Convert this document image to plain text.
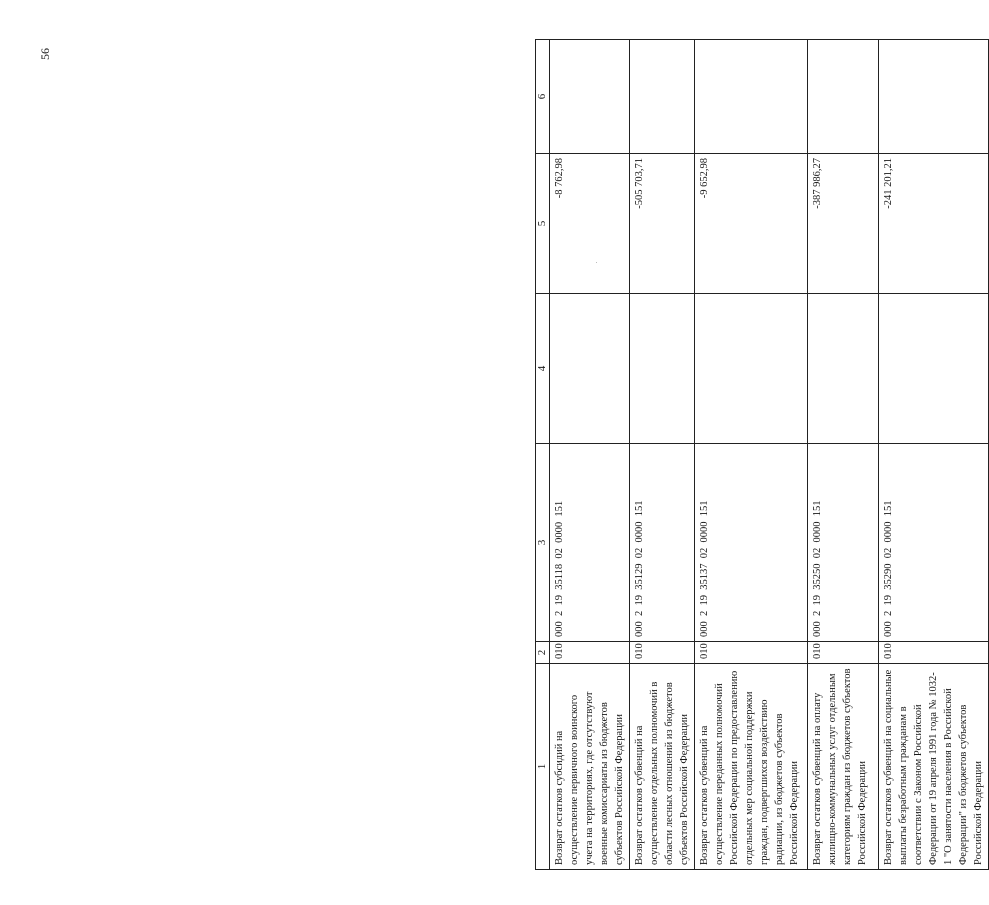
56
1	2	3	4	5	6
Возврат остатков субсидий на осуществление первичного воинского учета на территориях, где отсутствуют военные комиссариаты из бюджетов субъектов Российской Федерации	010	000  2  19  35118  02  0000  151		-8 762,98	
Возврат остатков субвенций на осуществление отдельных полномочий в области лесных отношений из бюджетов субъектов Российской Федерации	010	000  2  19  35129  02  0000  151		-505 703,71	
Возврат остатков субвенций на осуществление переданных полномочий Российской Федерации по предоставлению отдельных мер социальной поддержки граждан, подвергшихся воздействию радиации, из бюджетов субъектов Российской Федерации	010	000  2  19  35137  02  0000  151		-9 652,98	
Возврат остатков субвенций на оплату жилищно-коммунальных услуг отдельным категориям граждан из бюджетов субъектов Российской Федерации	010	000  2  19  35250  02  0000  151		-387 986,27	
Возврат остатков субвенций на социальные выплаты безработным гражданам в соответствии с Законом Российской Федерации от 19 апреля 1991 года № 1032-1 "О занятости населения в Российской Федерации" из бюджетов субъектов Российской Федерации	010	000  2  19  35290  02  0000  151		-241 201,21	
